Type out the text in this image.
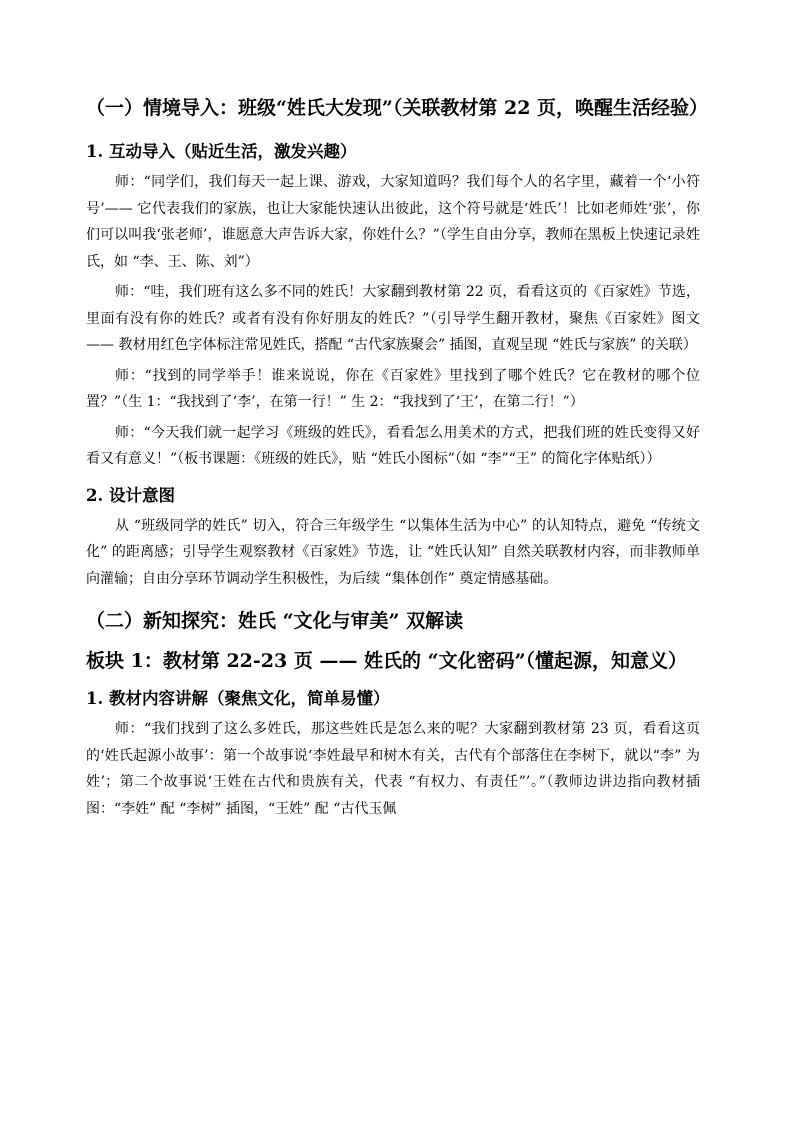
（一）情境导入：班级“姓氏大发现”（关联教材第 22 页，唤醒生活经验）
1. 互动导入（贴近生活，激发兴趣）
师：“同学们，我们每天一起上课、游戏，大家知道吗？我们每个人的名字里，藏着一个‘小符号’—— 它代表我们的家族，也让大家能快速认出彼此，这个符号就是‘姓氏’！比如老师姓‘张’，你们可以叫我‘张老师’，谁愿意大声告诉大家，你姓什么？”（学生自由分享，教师在黑板上快速记录姓氏，如 “李、王、陈、刘”）
师：“哇，我们班有这么多不同的姓氏！大家翻到教材第 22 页，看看这页的《百家姓》节选，里面有没有你的姓氏？或者有没有你好朋友的姓氏？”（引导学生翻开教材，聚焦《百家姓》图文 —— 教材用红色字体标注常见姓氏，搭配 “古代家族聚会” 插图，直观呈现 “姓氏与家族” 的关联）
师：“找到的同学举手！谁来说说，你在《百家姓》里找到了哪个姓氏？它在教材的哪个位置？”（生 1：“我找到了‘李’，在第一行！” 生 2：“我找到了‘王’，在第二行！”）
师：“今天我们就一起学习《班级的姓氏》，看看怎么用美术的方式，把我们班的姓氏变得又好看又有意义！”（板书课题：《班级的姓氏》，贴 “姓氏小图标”（如 “李”“王” 的简化字体贴纸））
2. 设计意图
从 “班级同学的姓氏” 切入，符合三年级学生 “以集体生活为中心” 的认知特点，避免 “传统文化” 的距离感；引导学生观察教材《百家姓》节选，让 “姓氏认知” 自然关联教材内容，而非教师单向灌输；自由分享环节调动学生积极性，为后续 “集体创作” 奠定情感基础。
（二）新知探究：姓氏 “文化与审美” 双解读
板块 1：教材第 22-23 页 —— 姓氏的 “文化密码”（懂起源，知意义）
1. 教材内容讲解（聚焦文化，简单易懂）
师：“我们找到了这么多姓氏，那这些姓氏是怎么来的呢？大家翻到教材第 23 页，看看这页的‘姓氏起源小故事’：第一个故事说‘李姓最早和树木有关，古代有个部落住在李树下，就以“李” 为姓’；第二个故事说‘王姓在古代和贵族有关，代表 “有权力、有责任”’。”（教师边讲边指向教材插图：“李姓” 配 “李树” 插图，“王姓” 配 “古代玉佩
